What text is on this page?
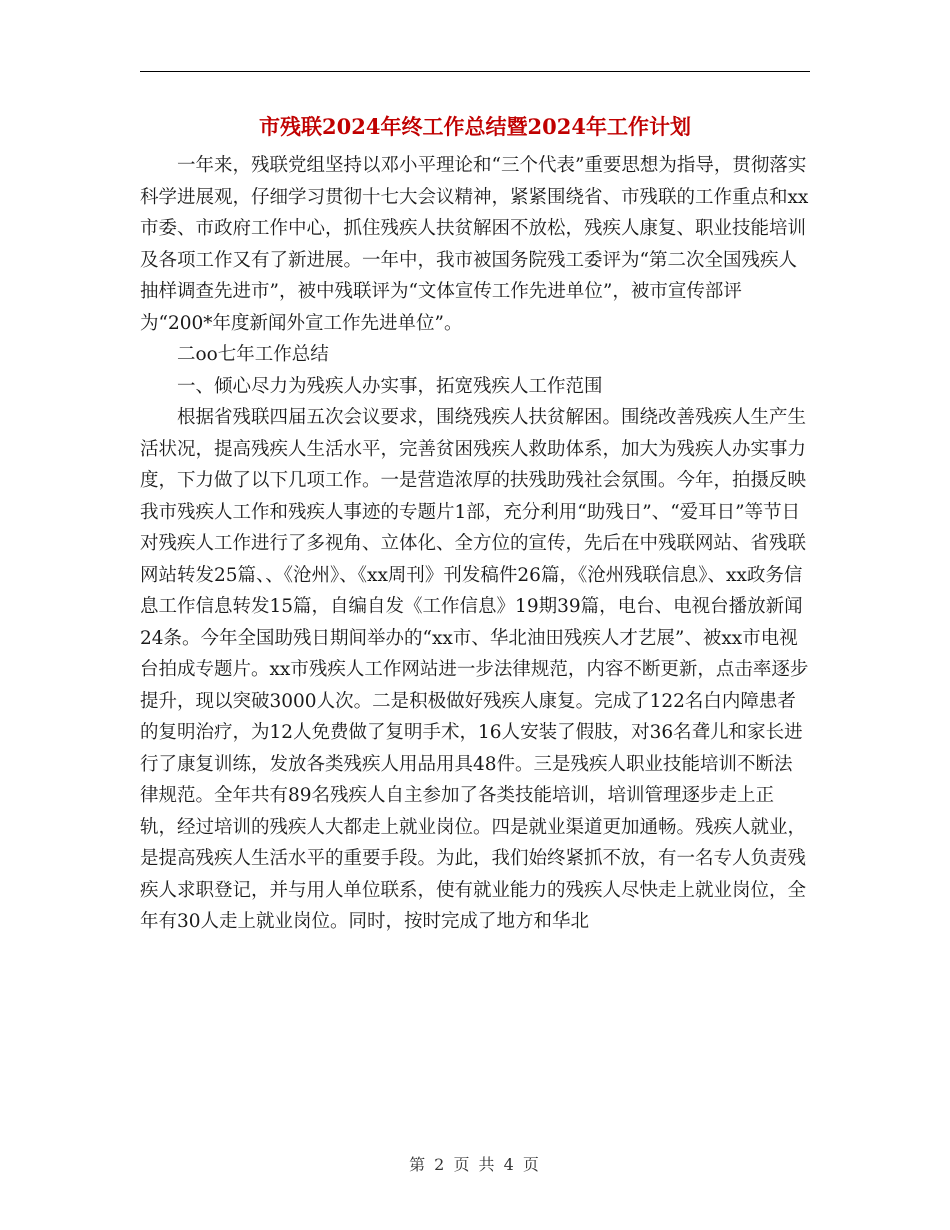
市残联2024年终工作总结暨2024年工作计划

一年来，残联党组坚持以邓小平理论和“三个代表”重要思想为指导，贯彻落实科学进展观，仔细学习贯彻十七大会议精神，紧紧围绕省、市残联的工作重点和xx市委、市政府工作中心，抓住残疾人扶贫解困不放松，残疾人康复、职业技能培训及各项工作又有了新进展。一年中，我市被国务院残工委评为“第二次全国残疾人抽样调查先进市”，被中残联评为“文体宣传工作先进单位”，被市宣传部评为“200*年度新闻外宣工作先进单位”。

二oo七年工作总结

一、倾心尽力为残疾人办实事，拓宽残疾人工作范围

根据省残联四届五次会议要求，围绕残疾人扶贫解困。围绕改善残疾人生产生活状况，提高残疾人生活水平，完善贫困残疾人救助体系，加大为残疾人办实事力度，下力做了以下几项工作。一是营造浓厚的扶残助残社会氛围。今年，拍摄反映我市残疾人工作和残疾人事迹的专题片1部，充分利用“助残日”、“爱耳日”等节日对残疾人工作进行了多视角、立体化、全方位的宣传，先后在中残联网站、省残联网站转发25篇、、《沧州》、《xx周刊》刊发稿件26篇，《沧州残联信息》、xx政务信息工作信息转发15篇，自编自发《工作信息》19期39篇，电台、电视台播放新闻24条。今年全国助残日期间举办的“xx市、华北油田残疾人才艺展”、被xx市电视台拍成专题片。xx市残疾人工作网站进一步法律规范，内容不断更新，点击率逐步提升，现以突破3000人次。二是积极做好残疾人康复。完成了122名白内障患者的复明治疗，为12人免费做了复明手术，16人安装了假肢，对36名聋儿和家长进行了康复训练，发放各类残疾人用品用具48件。三是残疾人职业技能培训不断法律规范。全年共有89名残疾人自主参加了各类技能培训，培训管理逐步走上正轨，经过培训的残疾人大都走上就业岗位。四是就业渠道更加通畅。残疾人就业，是提高残疾人生活水平的重要手段。为此，我们始终紧抓不放，有一名专人负责残疾人求职登记，并与用人单位联系，使有就业能力的残疾人尽快走上就业岗位，全年有30人走上就业岗位。同时，按时完成了地方和华北

第 2 页 共 4 页
